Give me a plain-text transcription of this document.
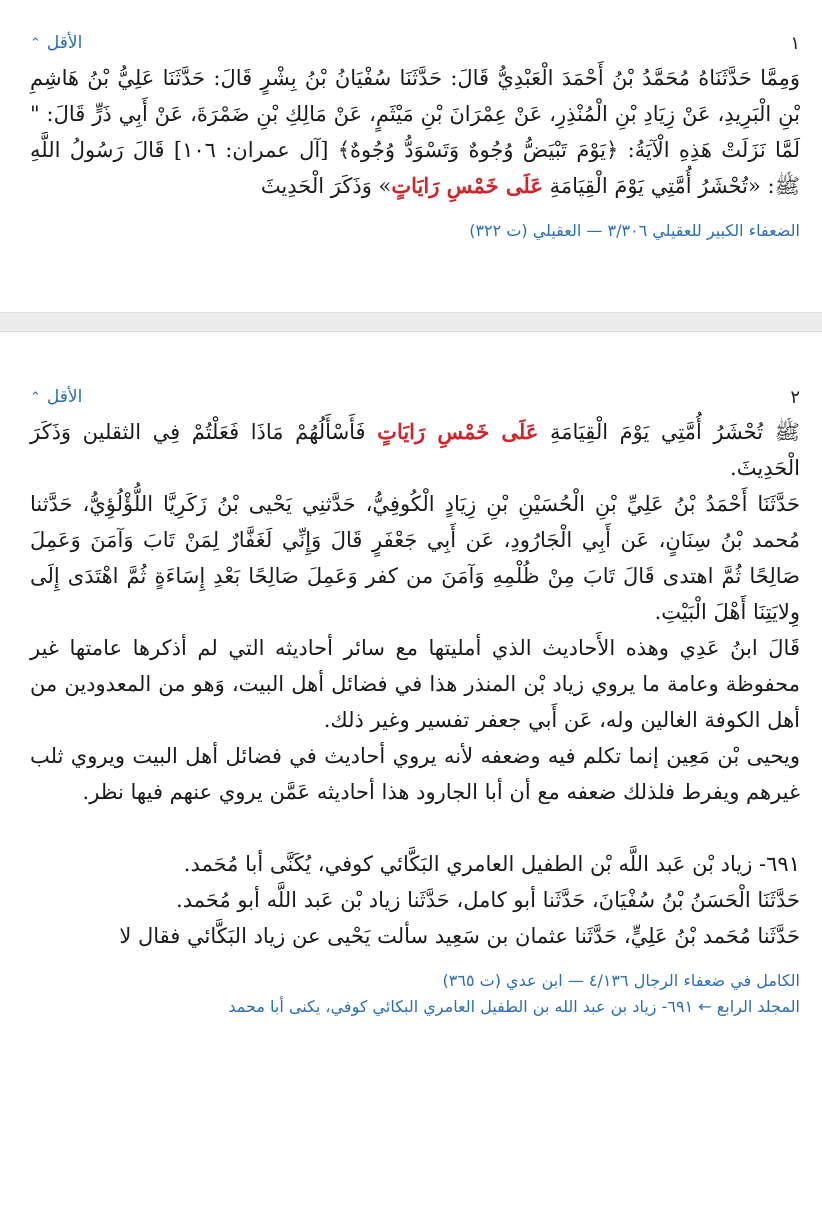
١
الأقل
⌃

وَمِمَّا حَدَّثَنَاهُ مُحَمَّدُ بْنُ أَحْمَدَ الْعَبْدِيُّ قَالَ: حَدَّثَنَا سُفْيَانُ بْنُ بِشْرٍ قَالَ: حَدَّثَنَا عَلِيُّ بْنُ هَاشِمِ بْنِ الْبَرِيدِ، عَنْ زِيَادِ بْنِ الْمُنْذِرِ، عَنْ عِمْرَانَ بْنِ مَيْثَمٍ، عَنْ مَالِكِ بْنِ ضَمْرَةَ، عَنْ أَبِي ذَرٍّ قَالَ: " لَمَّا نَزَلَتْ هَذِهِ الْآيَةُ: ﴿يَوْمَ تَبْيَضُّ وُجُوهٌ وَتَسْوَدُّ وُجُوهٌ﴾ [آل عمران: ١٠٦] قَالَ رَسُولُ اللَّهِ ﷺ: «تُحْشَرُ أُمَّتِي يَوْمَ الْقِيَامَةِ عَلَى خَمْسِ رَايَاتٍ» وَذَكَرَ الْحَدِيثَ

الضعفاء الكبير للعقيلي ٣/٣٠٦ — العقيلي (ت ٣٢٢)
٢
الأقل
⌃

ﷺ تُحْشَرُ أُمَّتِي يَوْمَ الْقِيَامَةِ عَلَى خَمْسِ رَايَاتٍ فَأَسْأَلُهُمْ مَاذَا فَعَلْتُمْ فِي الثقلين وَذَكَرَ الْحَدِيثَ.

حَدَّثَنَا أَحْمَدُ بْنُ عَلِيِّ بْنِ الْحُسَيْنِ بْنِ زِيَادٍ الْكُوفِيُّ، حَدَّثنِي يَحْيى بْنُ زَكَرِيَّا اللُّؤْلُؤِيُّ، حَدَّثنا مُحمد بْنُ سِنَانٍ، عَن أَبِي الْجَارُودِ، عَن أَبِي جَعْفَرٍ قَالَ وَإِنِّي لَغَفَّارٌ لِمَنْ تَابَ وَآمَنَ وَعَمِلَ صَالِحًا ثُمَّ اهتدى قَالَ تَابَ مِنْ ظُلْمِهِ وَآمَنَ من كفر وَعَمِلَ صَالِحًا بَعْدِ إِسَاءَةٍ ثُمَّ اهْتَدَى إِلَى وِلايَتِنَا أَهْلَ الْبَيْتِ.

قَالَ ابنُ عَدِي وهذه الأَحاديث الذي أمليتها مع سائر أحاديثه التي لم أذكرها عامتها غير محفوظة وعامة ما يروي زياد بْن المنذر هذا في فضائل أهل البيت، وَهو من المعدودين من أهل الكوفة الغالين وله، عَن أَبي جعفر تفسير وغير ذلك.

ويحيى بْن مَعِين إنما تكلم فيه وضعفه لأنه يروي أحاديث في فضائل أهل البيت ويروي ثلب غيرهم ويفرط فلذلك ضعفه مع أن أبا الجارود هذا أحاديثه عَمَّن يروي عنهم فيها نظر.

٦٩١- زياد بْن عَبد اللَّه بْن الطفيل العامري البَكَّائي كوفي، يُكَنَّى أبا مُحَمد.

حَدَّثَنَا الْحَسَنُ بْنُ سُفْيَانَ، حَدَّثَنا أبو كامل، حَدَّثَنا زياد بْن عَبد اللَّه أبو مُحَمد.

حَدَّثَنا مُحَمد بْنُ عَلِيٍّ، حَدَّثَنا عثمان بن سَعِيد سألت يَحْيى عن زياد البَكَّائي فقال لا

الكامل في ضعفاء الرجال ٤/١٣٦ — ابن عدي (ت ٣٦٥)
المجلد الرابع ← ٦٩١- زياد بن عبد الله بن الطفيل العامري البكائي كوفي، يكنى أبا محمد
